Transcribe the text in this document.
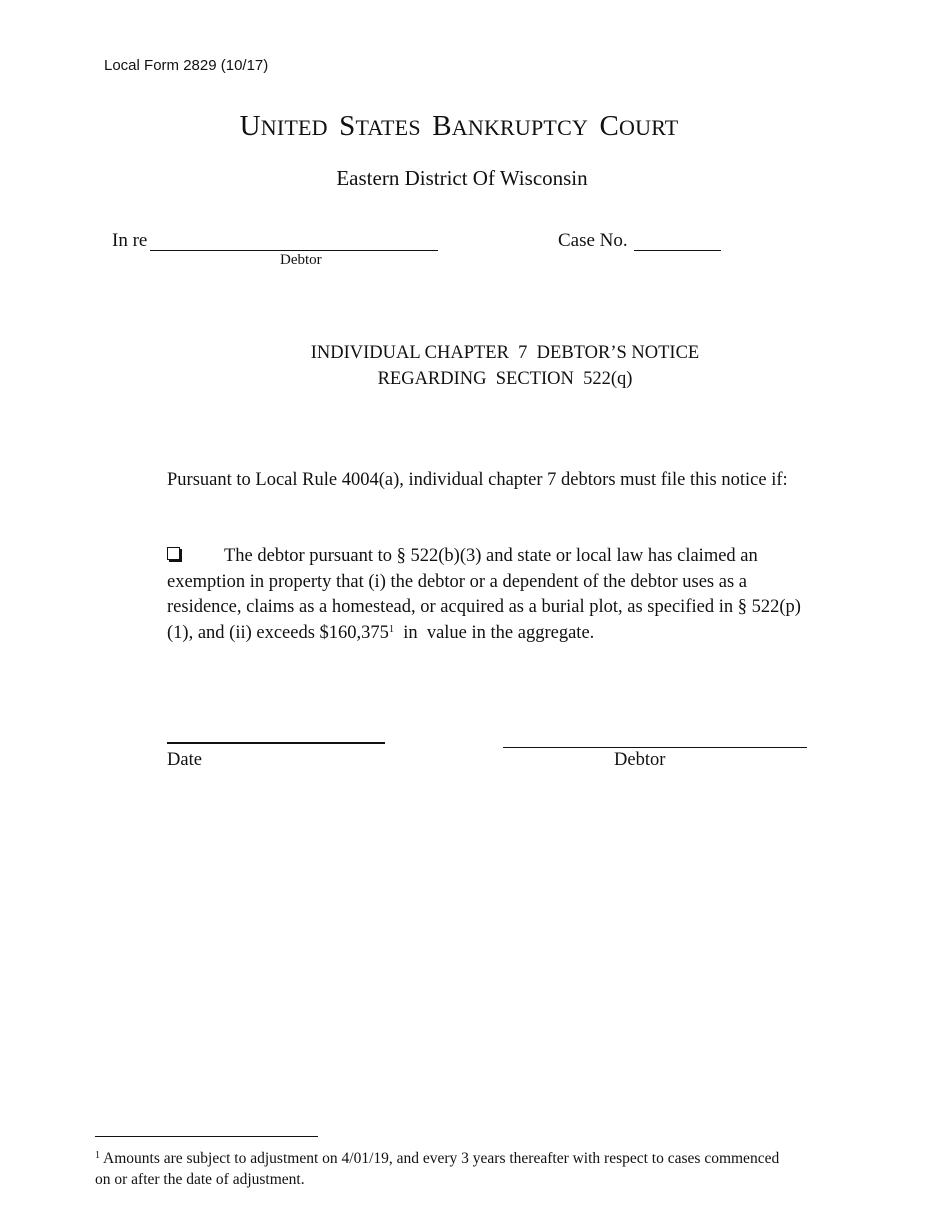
Local Form 2829 (10/17)
UNITED STATES BANKRUPTCY COURT
Eastern District Of Wisconsin
In re
Debtor
Case No.
INDIVIDUAL CHAPTER  7  DEBTOR’S NOTICE
REGARDING  SECTION  522(q)
Pursuant to Local Rule 4004(a), individual chapter 7 debtors must file this notice if:
The debtor pursuant to § 522(b)(3) and state or local law has claimed an exemption in property that (i) the debtor or a dependent of the debtor uses as a residence, claims as a homestead, or acquired as a burial plot, as specified in § 522(p)(1), and (ii) exceeds $160,375$^1$  in  value in the aggregate.
Date	Debtor
$^1$ Amounts are subject to adjustment on 4/01/19, and every 3 years thereafter with respect to cases commenced on or after the date of adjustment.
